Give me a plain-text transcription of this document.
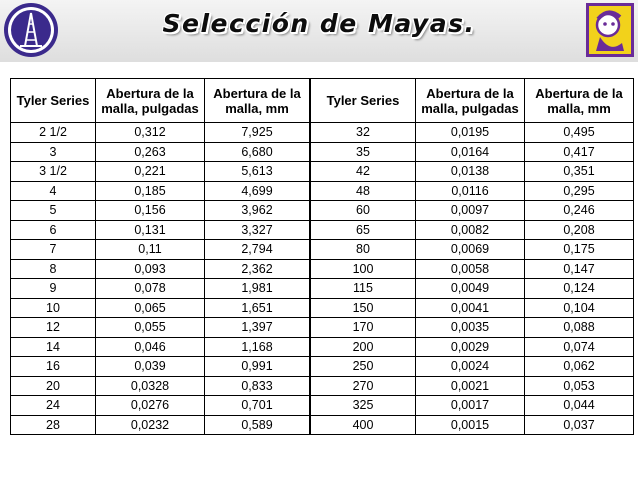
Selección de Mayas.
Tyler Series	Abertura de la malla, pulgadas	Abertura de la malla, mm	Tyler Series	Abertura de la malla, pulgadas	Abertura de la malla, mm
2 1/2	0,312	7,925	32	0,0195	0,495
3	0,263	6,680	35	0,0164	0,417
3 1/2	0,221	5,613	42	0,0138	0,351
4	0,185	4,699	48	0,0116	0,295
5	0,156	3,962	60	0,0097	0,246
6	0,131	3,327	65	0,0082	0,208
7	0,11	2,794	80	0,0069	0,175
8	0,093	2,362	100	0,0058	0,147
9	0,078	1,981	115	0,0049	0,124
10	0,065	1,651	150	0,0041	0,104
12	0,055	1,397	170	0,0035	0,088
14	0,046	1,168	200	0,0029	0,074
16	0,039	0,991	250	0,0024	0,062
20	0,0328	0,833	270	0,0021	0,053
24	0,0276	0,701	325	0,0017	0,044
28	0,0232	0,589	400	0,0015	0,037
